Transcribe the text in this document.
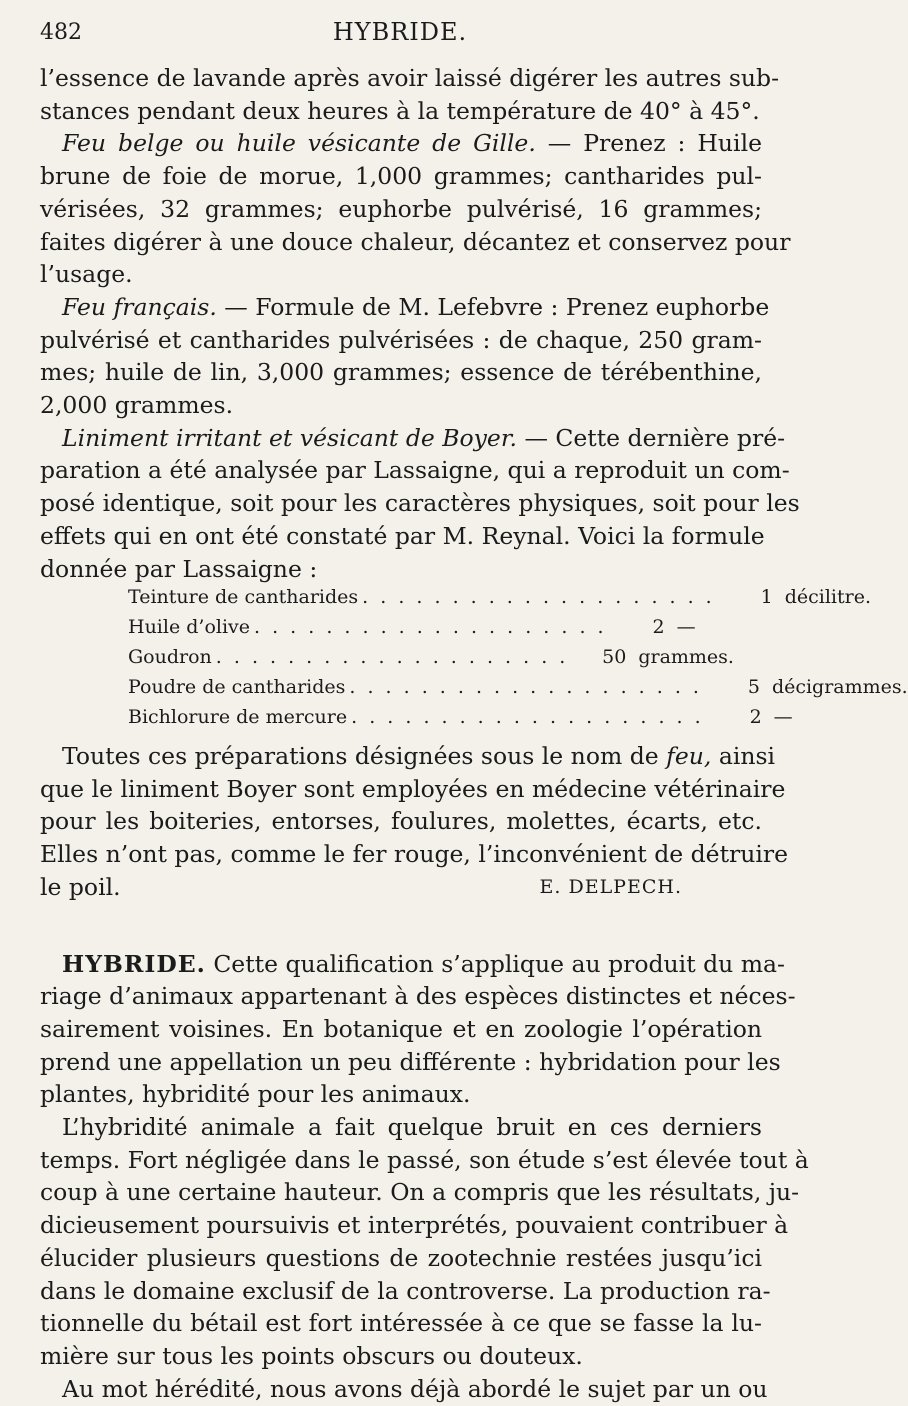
482	HYBRIDE.

l’essence de lavande après avoir laissé digérer les autres sub-
stances pendant deux heures à la température de 40° à 45°.

Feu belge ou huile vésicante de Gille. — Prenez : Huile
brune de foie de morue, 1,000 grammes; cantharides pul-
vérisées, 32 grammes; euphorbe pulvérisé, 16 grammes;
faites digérer à une douce chaleur, décantez et conservez pour
l’usage.

Feu français. — Formule de M. Lefebvre : Prenez euphorbe
pulvérisé et cantharides pulvérisées : de chaque, 250 gram-
mes; huile de lin, 3,000 grammes; essence de térébenthine,
2,000 grammes.

Liniment irritant et vésicant de Boyer. — Cette dernière pré-
paration a été analysée par Lassaigne, qui a reproduit un com-
posé identique, soit pour les caractères physiques, soit pour les
effets qui en ont été constaté par M. Reynal. Voici la formule
donnée par Lassaigne :

Teinture de cantharides . . . . . . . . . . . . . . . . . . . .	1 décilitre.
Huile d’olive . . . . . . . . . . . . . . . . . . . .	2 —
Goudron . . . . . . . . . . . . . . . . . . . .	50 grammes.
Poudre de cantharides . . . . . . . . . . . . . . . . . . . .	5 décigrammes.
Bichlorure de mercure . . . . . . . . . . . . . . . . . . . .	2 —

Toutes ces préparations désignées sous le nom de feu, ainsi
que le liniment Boyer sont employées en médecine vétérinaire
pour les boiteries, entorses, foulures, molettes, écarts, etc.
Elles n’ont pas, comme le fer rouge, l’inconvénient de détruire
le poil.	E. DELPECH.

HYBRIDE. Cette qualification s’applique au produit du ma-
riage d’animaux appartenant à des espèces distinctes et néces-
sairement voisines. En botanique et en zoologie l’opération
prend une appellation un peu différente : hybridation pour les
plantes, hybridité pour les animaux.

L’hybridité animale a fait quelque bruit en ces derniers
temps. Fort négligée dans le passé, son étude s’est élevée tout à
coup à une certaine hauteur. On a compris que les résultats, ju-
dicieusement poursuivis et interprétés, pouvaient contribuer à
élucider plusieurs questions de zootechnie restées jusqu’ici
dans le domaine exclusif de la controverse. La production ra-
tionnelle du bétail est fort intéressée à ce que se fasse la lu-
mière sur tous les points obscurs ou douteux.

Au mot hérédité, nous avons déjà abordé le sujet par un ou
